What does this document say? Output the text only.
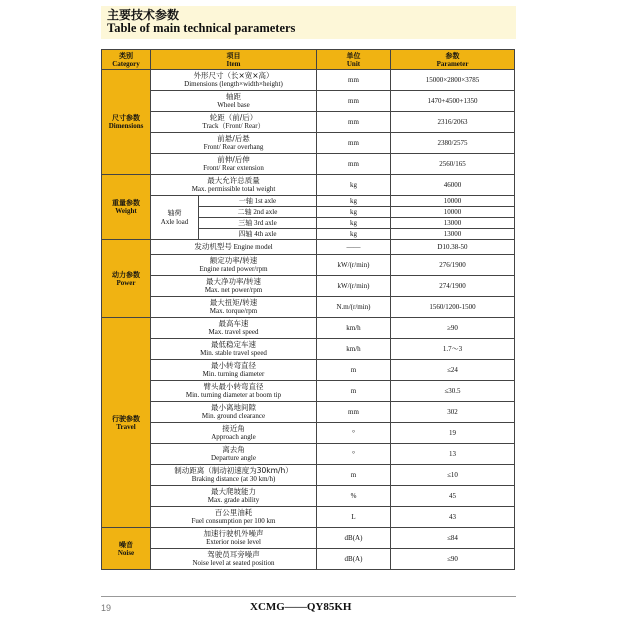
主要技术参数
Table of main technical parameters
类别
Category	项目
Item		单位
Unit	参数
Parameter

尺寸参数
Dimensions	外形尺寸（长×宽×高）
Dimensions (length×width×height)		mm	15000×2800×3785

	轴距
Wheel base		mm	1470+4500+1350

	轮距（前/后）
Track（Front/ Rear）		mm	2316/2063

	前悬/后悬
Front/ Rear overhang		mm	2380/2575

	前伸/后伸
Front/ Rear extension		mm	2560/165

重量参数
Weight	最大允许总质量
Max. permissible total weight		kg	46000

	轴荷
Axle load	一轴 1st axle	kg	10000
		二轴 2nd axle	kg	10000
		三轴 3rd axle	kg	13000
		四轴 4th axle	kg	13000

动力参数
Power	发动机型号 Engine model		——	D10.38-50

	额定功率/转速
Engine rated power/rpm		kW/(r/min)	276/1900

	最大净功率/转速
Max. net power/rpm		kW/(r/min)	274/1900

	最大扭矩/转速
Max. torque/rpm		N.m/(r/min)	1560/1200-1500

行驶参数
Travel	最高车速
Max. travel speed		km/h	≥90

	最低稳定车速
Min. stable travel speed		km/h	1.7～3

	最小转弯直径
Min. turning diameter		m	≤24

	臂头最小转弯直径
Min. turning diameter at boom tip		m	≤30.5

	最小离地间隙
Min. ground clearance		mm	302

	接近角
Approach angle		°	19

	离去角
Departure angle		°	13

	制动距离（制动初速度为30km/h）
Braking distance (at 30 km/h)		m	≤10

	最大爬坡能力
Max. grade ability		%	45

	百公里油耗
Fuel consumption per 100 km		L	43

噪音
Noise	加速行驶机外噪声
Exterior noise level		dB(A)	≤84

	驾驶员耳旁噪声
Noise level at seated position		dB(A)	≤90
19	XCMG——QY85KH
